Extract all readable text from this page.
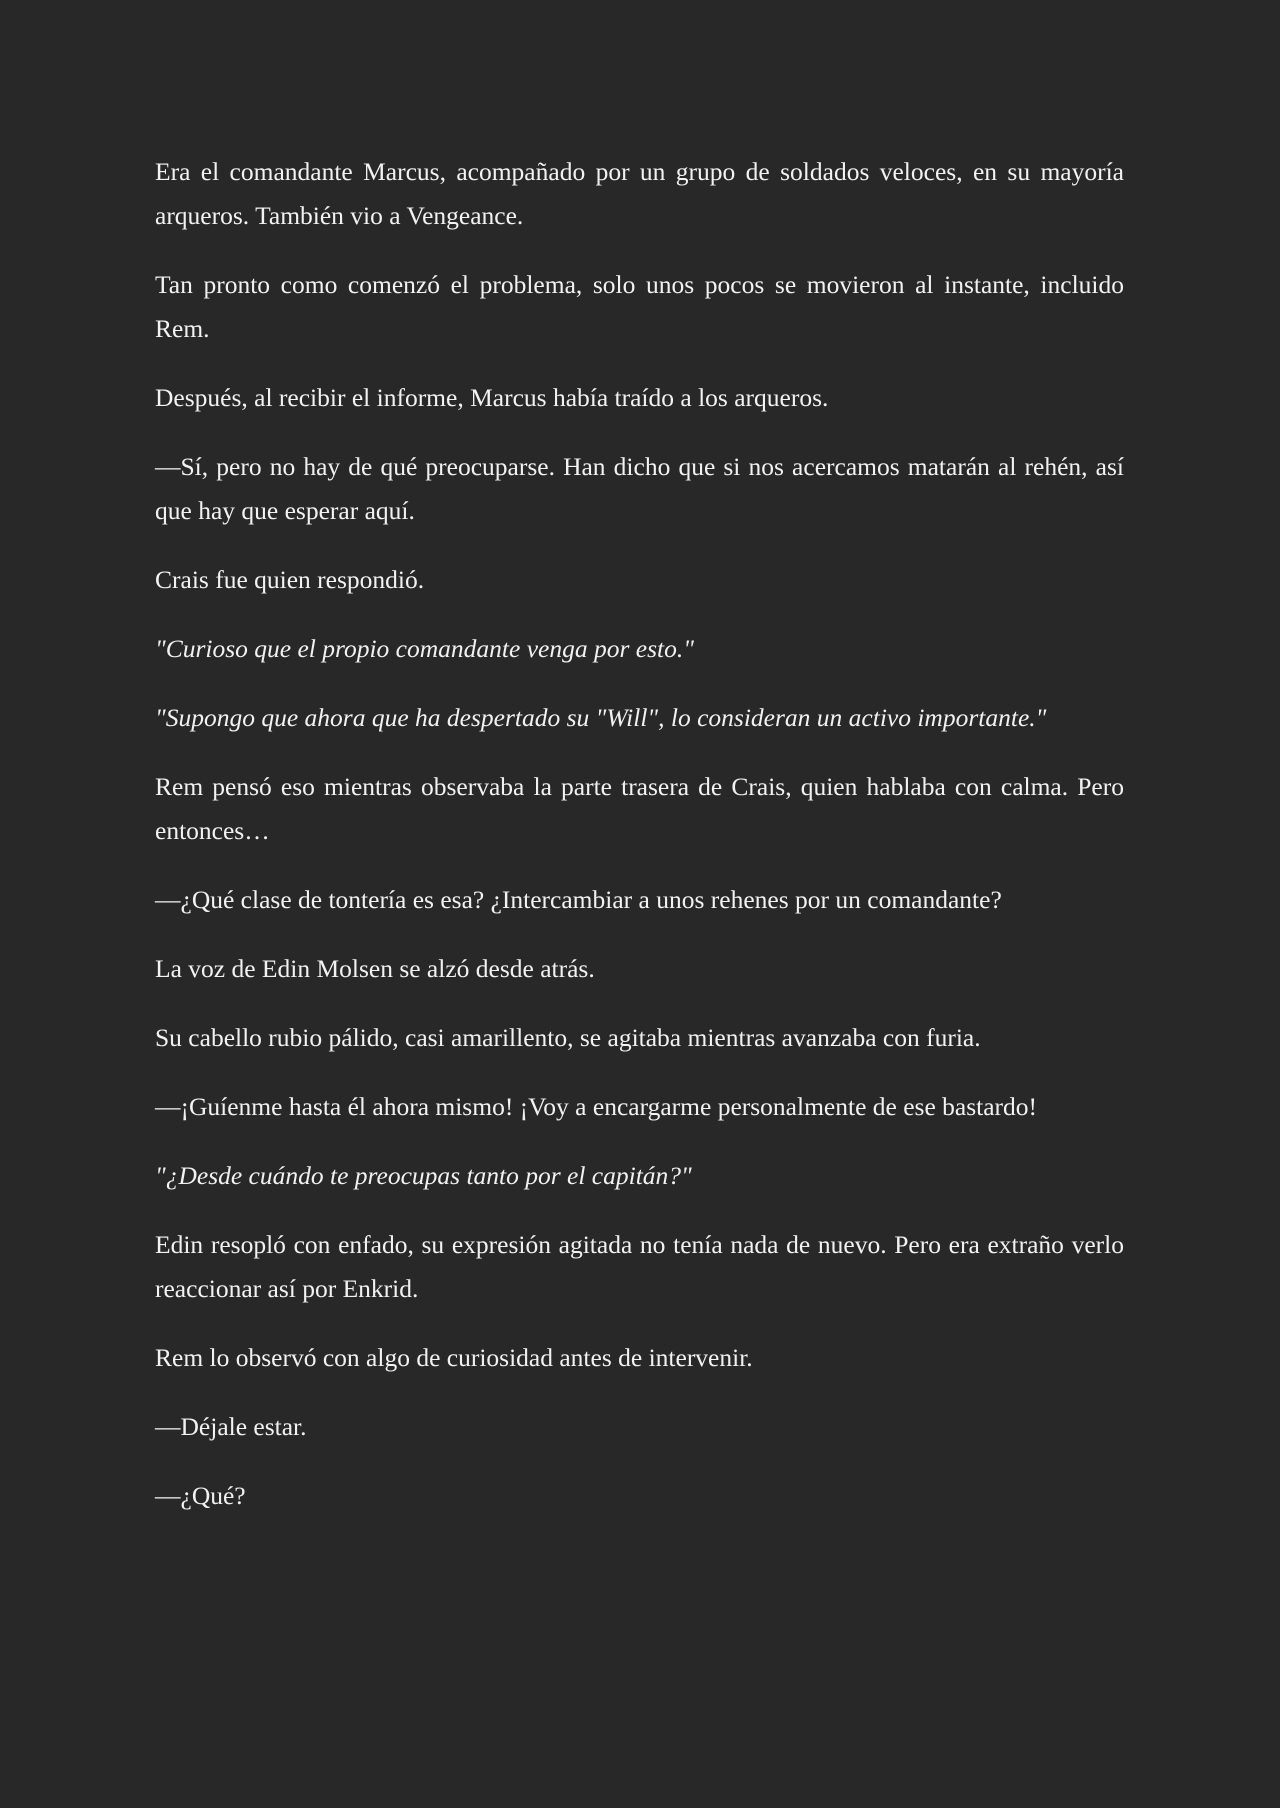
Era el comandante Marcus, acompañado por un grupo de soldados veloces, en su mayoría arqueros. También vio a Vengeance.

Tan pronto como comenzó el problema, solo unos pocos se movieron al instante, incluido Rem.

Después, al recibir el informe, Marcus había traído a los arqueros.

—Sí, pero no hay de qué preocuparse. Han dicho que si nos acercamos matarán al rehén, así que hay que esperar aquí.

Crais fue quien respondió.

"Curioso que el propio comandante venga por esto."

"Supongo que ahora que ha despertado su "Will", lo consideran un activo importante."

Rem pensó eso mientras observaba la parte trasera de Crais, quien hablaba con calma. Pero entonces…

—¿Qué clase de tontería es esa? ¿Intercambiar a unos rehenes por un comandante?

La voz de Edin Molsen se alzó desde atrás.

Su cabello rubio pálido, casi amarillento, se agitaba mientras avanzaba con furia.

—¡Guíenme hasta él ahora mismo! ¡Voy a encargarme personalmente de ese bastardo!

"¿Desde cuándo te preocupas tanto por el capitán?"

Edin resopló con enfado, su expresión agitada no tenía nada de nuevo. Pero era extraño verlo reaccionar así por Enkrid.

Rem lo observó con algo de curiosidad antes de intervenir.

—Déjale estar.

—¿Qué?
